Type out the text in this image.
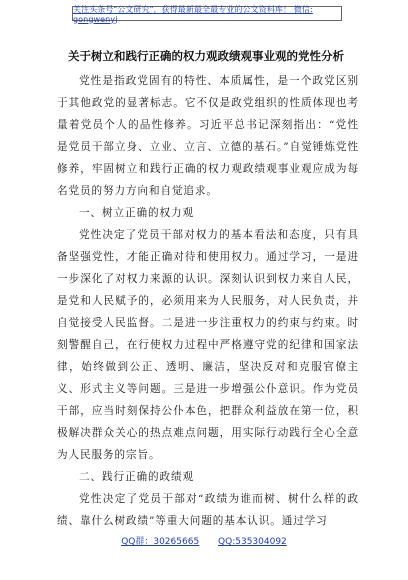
关注头条号"公文研究"，获得最新最全最专业的公文资料库！ 微信: gongwenyj
关于树立和践行正确的权力观政绩观事业观的党性分析

党性是指政党固有的特性、本质属性，是一个政党区别于其他政党的显著标志。它不仅是政党组织的性质体现也考量着党员个人的品性修养。习近平总书记深刻指出：“党性是党员干部立身、立业、立言、立德的基石。”自觉锤炼党性修养，牢固树立和践行正确的权力观政绩观事业观应成为每名党员的努力方向和自觉追求。

一、树立正确的权力观

党性决定了党员干部对权力的基本看法和态度，只有具备坚强党性，才能正确对待和使用权力。通过学习，一是进一步深化了对权力来源的认识。深刻认识到权力来自人民，是党和人民赋予的，必须用来为人民服务，对人民负责，并自觉接受人民监督。二是进一步注重权力的约束与约束。时刻警醒自己，在行使权力过程中严格遵守党的纪律和国家法律，始终做到公正、透明、廉洁，坚决反对和克服官僚主义、形式主义等问题。三是进一步增强公仆意识。作为党员干部，应当时刻保持公仆本色，把群众利益放在第一位，积极解决群众关心的热点难点问题，用实际行动践行全心全意为人民服务的宗旨。

二、践行正确的政绩观

党性决定了党员干部对“政绩为谁而树、树什么样的政绩、靠什么树政绩”等重大问题的基本认识。通过学习

QQ群：30265665 QQ:535304092
